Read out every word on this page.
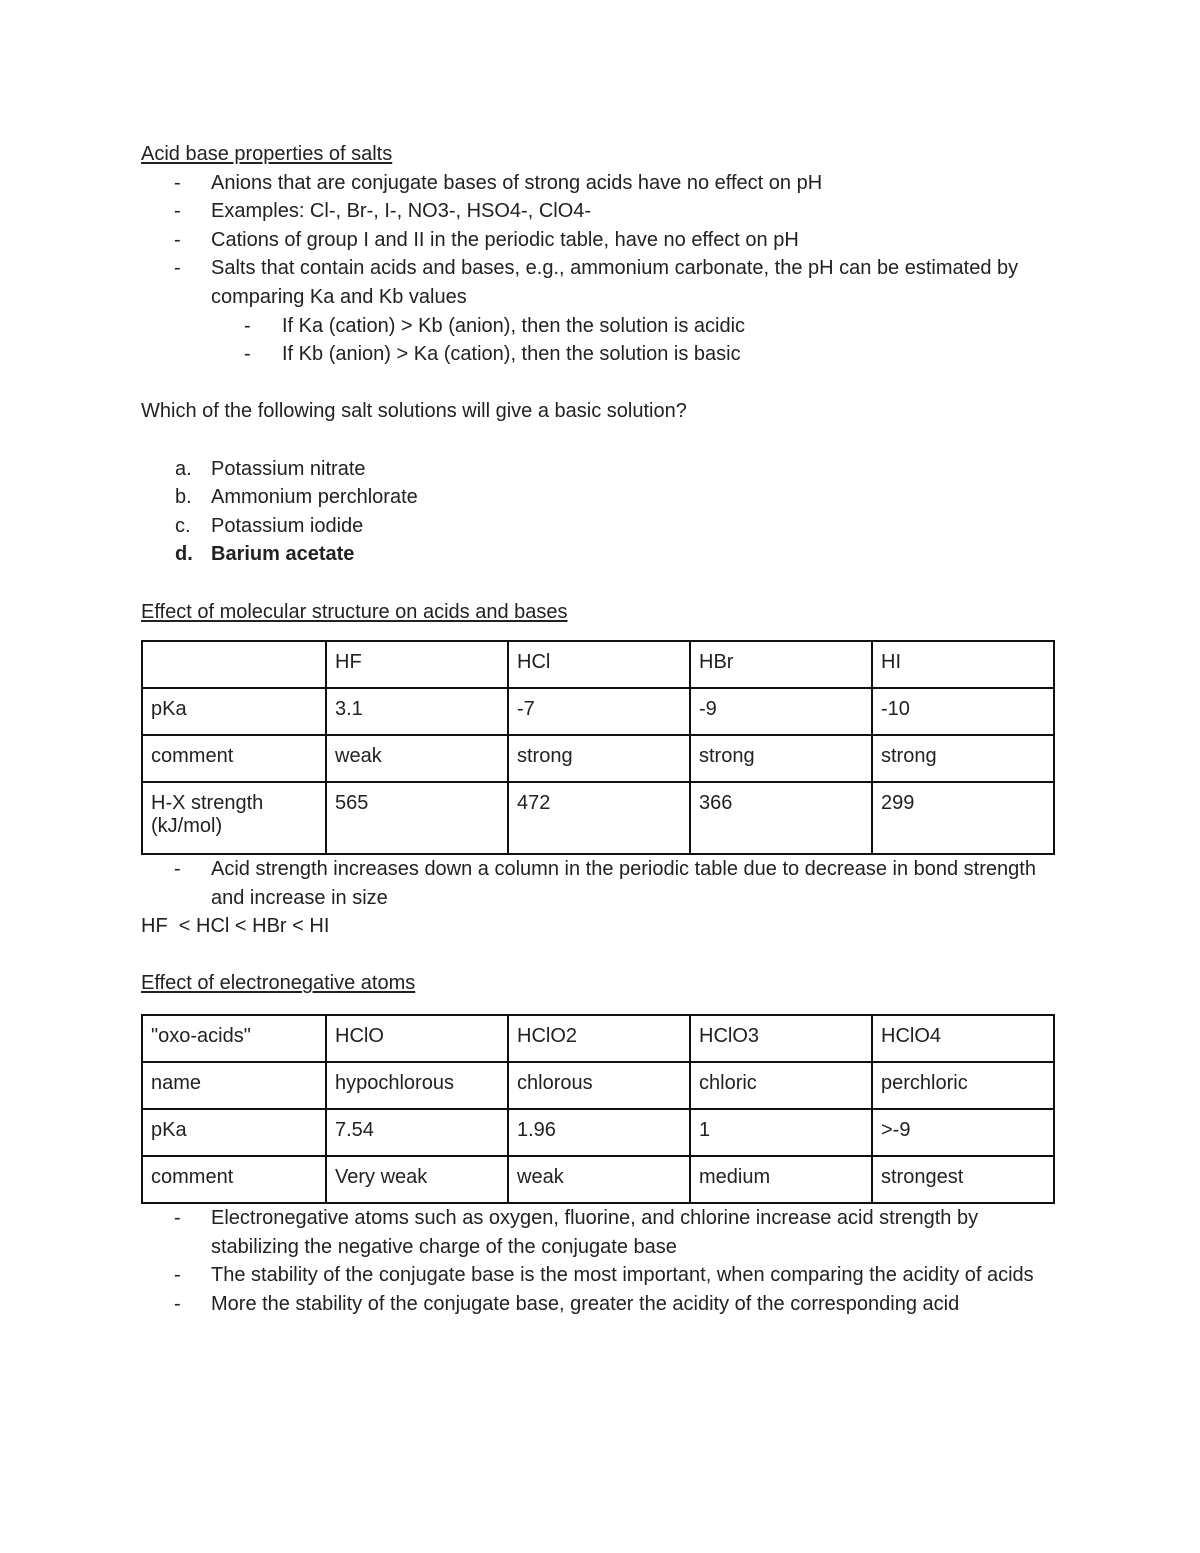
Acid base properties of salts
-	Anions that are conjugate bases of strong acids have no effect on pH
-	Examples: Cl-, Br-, I-, NO3-, HSO4-, ClO4-
-	Cations of group I and II in the periodic table, have no effect on pH
-	Salts that contain acids and bases, e.g., ammonium carbonate, the pH can be estimated by comparing Ka and Kb values
-	If Ka (cation) > Kb (anion), then the solution is acidic
-	If Kb (anion) > Ka (cation), then the solution is basic
Which of the following salt solutions will give a basic solution?
a. Potassium nitrate
b. Ammonium perchlorate
c.	Potassium iodide
d. Barium acetate
Effect of molecular structure on acids and bases
	HF	HCl	HBr	HI
pKa	3.1	-7	-9	-10
comment	weak	strong	strong	strong
H-X strength (kJ/mol)	565	472	366	299
-	Acid strength increases down a column in the periodic table due to decrease in bond strength and increase in size
HF  < HCl < HBr < HI
Effect of electronegative atoms
"oxo-acids"	HClO	HClO2	HClO3	HClO4
name	hypochlorous	chlorous	chloric	perchloric
pKa	7.54	1.96	1	>-9
comment	Very weak	weak	medium	strongest
-	Electronegative atoms such as oxygen, fluorine, and chlorine increase acid strength by stabilizing the negative charge of the conjugate base
-	The stability of the conjugate base is the most important, when comparing the acidity of acids
-	More the stability of the conjugate base, greater the acidity of the corresponding acid
